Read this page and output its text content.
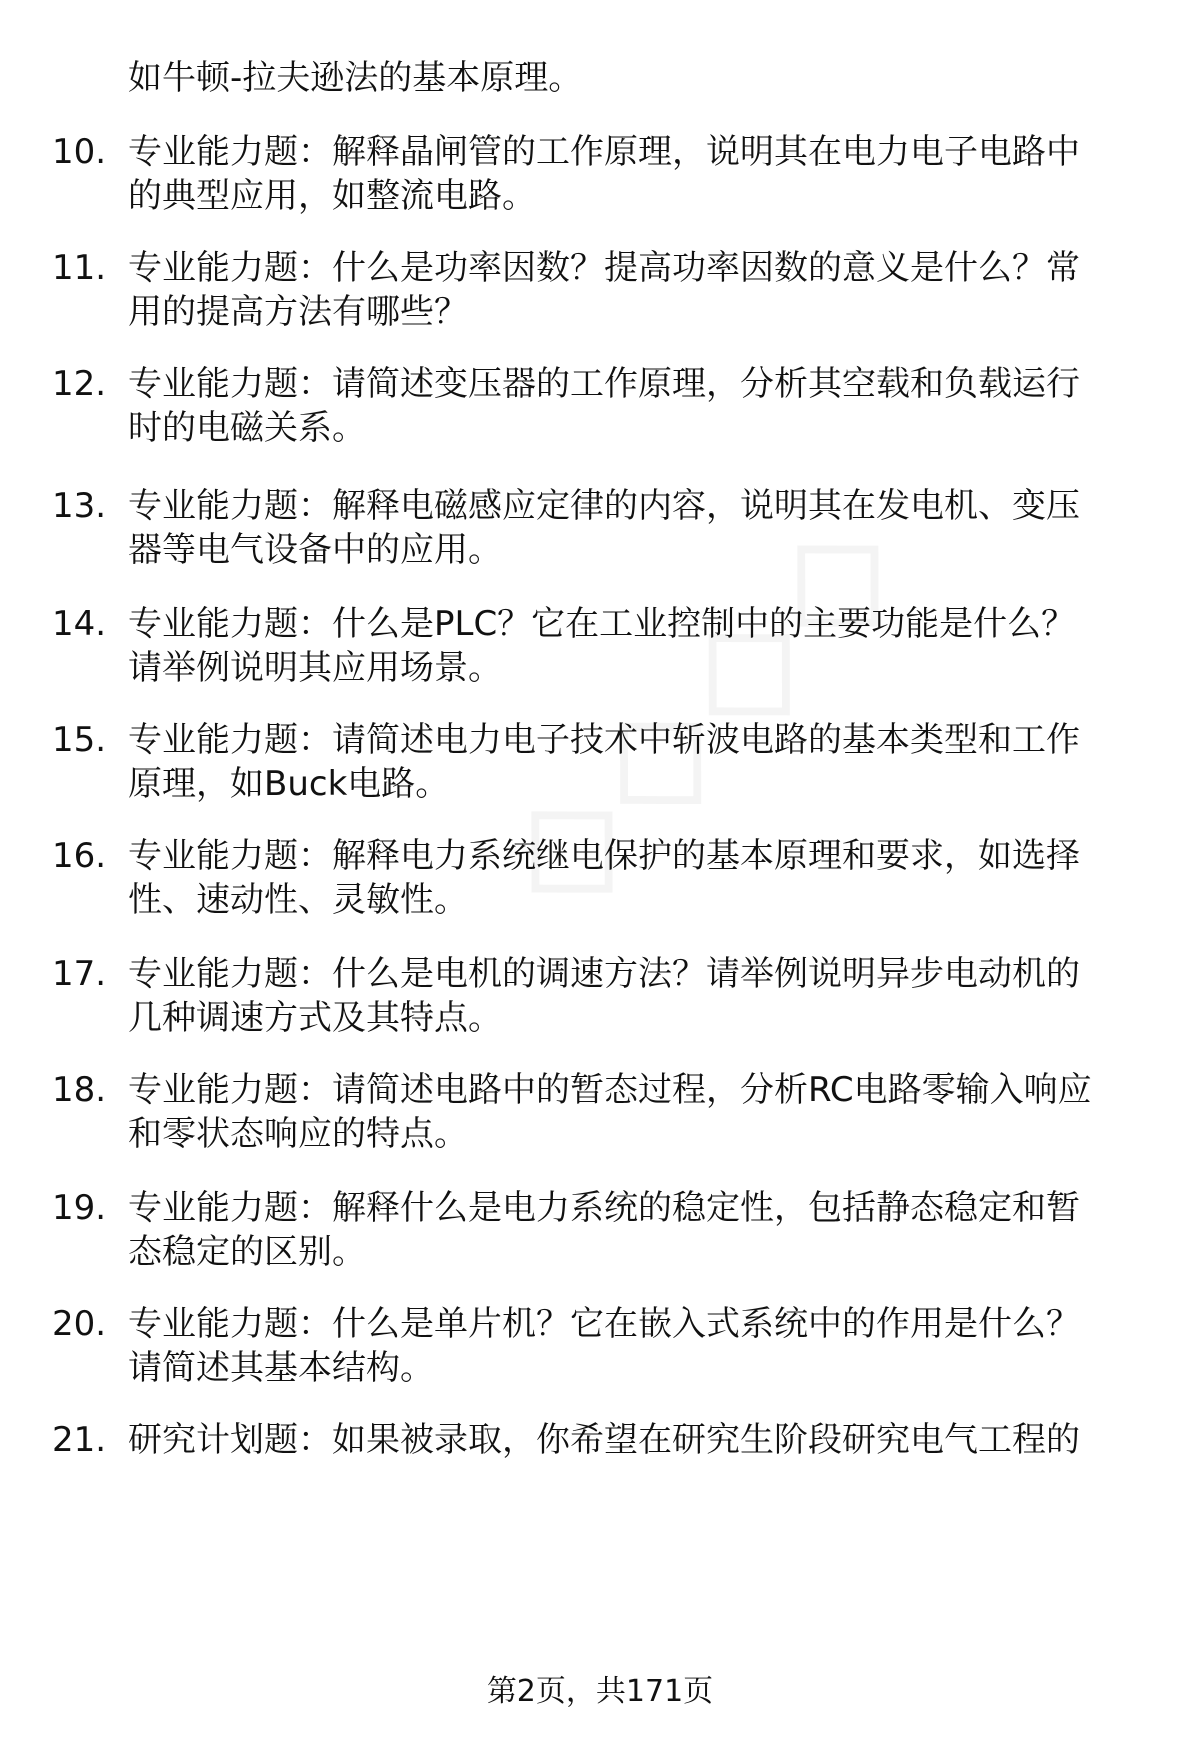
如牛顿-拉夫逊法的基本原理。
10. 专业能力题：解释晶闸管的工作原理，说明其在电力电子电路中
的典型应用，如整流电路。
11. 专业能力题：什么是功率因数？提高功率因数的意义是什么？常
用的提高方法有哪些？
12. 专业能力题：请简述变压器的工作原理，分析其空载和负载运行
时的电磁关系。
13. 专业能力题：解释电磁感应定律的内容，说明其在发电机、变压
器等电气设备中的应用。
14. 专业能力题：什么是PLC？它在工业控制中的主要功能是什么？
请举例说明其应用场景。
15. 专业能力题：请简述电力电子技术中斩波电路的基本类型和工作
原理，如Buck电路。
16. 专业能力题：解释电力系统继电保护的基本原理和要求，如选择
性、速动性、灵敏性。
17. 专业能力题：什么是电机的调速方法？请举例说明异步电动机的
几种调速方式及其特点。
18. 专业能力题：请简述电路中的暂态过程，分析RC电路零输入响应
和零状态响应的特点。
19. 专业能力题：解释什么是电力系统的稳定性，包括静态稳定和暂
态稳定的区别。
20. 专业能力题：什么是单片机？它在嵌入式系统中的作用是什么？
请简述其基本结构。
21. 研究计划题：如果被录取，你希望在研究生阶段研究电气工程的
第2页，共171页
